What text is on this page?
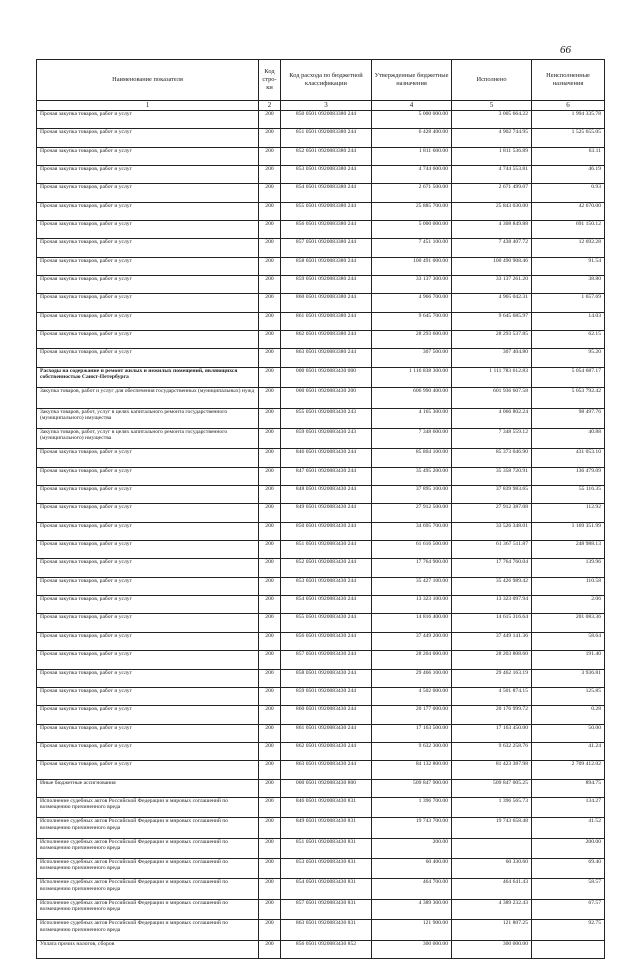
66
Наименование показателя	Код стро-ки	Код расхода по бюджетной классификации	Утвержденные бюджетные назначения	Исполнено	Неисполненные назначения
1	2	3	4	5	6
Прочая закупка товаров, работ и услуг	200	850 0501 0920083380 244	5 000 000.00	3 005 664.22	1 994 335.78
Прочая закупка товаров, работ и услуг	200	851 0501 0920083380 244	6 428 400.00	4 902 744.95	1 525 655.05
Прочая закупка товаров, работ и услуг	200	852 0501 0920083380 244	1 811 600.00	1 811 536.89	63.11
Прочая закупка товаров, работ и услуг	200	853 0501 0920083380 244	4 744 600.00	4 744 553.81	46.19
Прочая закупка товаров, работ и услуг	200	854 0501 0920083380 244	2 671 500.00	2 671 499.07	0.93
Прочая закупка товаров, работ и услуг	200	855 0501 0920083380 244	25 885 700.00	25 843 030.00	42 670.00
Прочая закупка товаров, работ и услуг	200	856 0501 0920083380 244	5 000 000.00	4 308 849.88	691 150.12
Прочая закупка товаров, работ и услуг	200	857 0501 0920083380 244	7 451 100.00	7 438 407.72	12 692.28
Прочая закупка товаров, работ и услуг	200	858 0501 0920083380 244	100 491 000.00	100 490 908.46	91.54
Прочая закупка товаров, работ и услуг	200	859 0501 0920083380 244	33 137 300.00	33 137 261.20	38.80
Прочая закупка товаров, работ и услуг	200	860 0501 0920083380 244	4 966 700.00	4 965 042.31	1 657.69
Прочая закупка товаров, работ и услуг	200	861 0501 0920083380 244	9 645 700.00	9 645 685.97	14.03
Прочая закупка товаров, работ и услуг	200	862 0501 0920083380 244	28 293 600.00	28 293 537.85	62.15
Прочая закупка товаров, работ и услуг	200	863 0501 0920083380 244	307 500.00	307 404.80	95.20
Расходы на содержание и ремонт жилых и нежилых помещений, являющихся собственностью Санкт-Петербурга	200	000 0501 0920083430 000	1 116 838 300.00	1 111 783 612.83	5 054 687.17
Закупка товаров, работ и услуг для обеспечения государственных (муниципальных) нужд	200	000 0501 0920083430 200	606 990 400.00	601 936 607.58	5 053 792.42
Закупка товаров, работ, услуг в целях капитального ремонта государственного (муниципального) имущества	200	855 0501 0920083430 243	4 165 300.00	4 066 802.24	98 497.76
Закупка товаров, работ, услуг в целях капитального ремонта государственного (муниципального) имущества	200	859 0501 0920083430 243	7 348 600.00	7 348 559.12	40.88
Прочая закупка товаров, работ и услуг	200	846 0501 0920083430 244	85 804 100.00	85 373 046.90	431 053.10
Прочая закупка товаров, работ и услуг	200	847 0501 0920083430 244	35 495 200.00	35 358 720.91	136 479.09
Прочая закупка товаров, работ и услуг	200	848 0501 0920083430 244	37 895 100.00	37 839 983.65	55 116.35
Прочая закупка товаров, работ и услуг	200	849 0501 0920083430 244	27 912 500.00	27 912 387.08	112.92
Прочая закупка товаров, работ и услуг	200	850 0501 0920083430 244	34 695 700.00	33 526 348.01	1 169 351.99
Прочая закупка товаров, работ и услуг	200	851 0501 0920083430 244	61 616 500.00	61 367 511.87	248 988.13
Прочая закупка товаров, работ и услуг	200	852 0501 0920083430 244	17 764 900.00	17 764 760.04	139.96
Прочая закупка товаров, работ и услуг	200	853 0501 0920083430 244	35 427 100.00	35 426 989.42	110.58
Прочая закупка товаров, работ и услуг	200	854 0501 0920083430 244	13 323 100.00	13 323 097.94	2.06
Прочая закупка товаров, работ и услуг	200	855 0501 0920083430 244	14 816 400.00	14 615 316.64	201 083.36
Прочая закупка товаров, работ и услуг	200	856 0501 0920083430 244	37 449 200.00	37 449 141.36	58.64
Прочая закупка товаров, работ и услуг	200	857 0501 0920083430 244	28 204 000.00	28 203 808.60	191.40
Прочая закупка товаров, работ и услуг	200	858 0501 0920083430 244	29 466 100.00	29 462 163.19	3 936.81
Прочая закупка товаров, работ и услуг	200	859 0501 0920083430 244	4 502 000.00	4 501 874.15	125.85
Прочая закупка товаров, работ и услуг	200	860 0501 0920083430 244	20 177 000.00	20 176 999.72	0.28
Прочая закупка товаров, работ и услуг	200	861 0501 0920083430 244	17 163 500.00	17 163 450.00	50.00
Прочая закупка товаров, работ и услуг	200	862 0501 0920083430 244	9 632 300.00	9 632 258.76	41.24
Прочая закупка товаров, работ и услуг	200	863 0501 0920083430 244	84 132 800.00	81 423 387.98	2 709 412.02
Иные бюджетные ассигнования	200	000 0501 0920083430 800	509 847 900.00	509 847 005.25	894.75
Исполнение судебных актов Российской Федерации и мировых соглашений по возмещению причиненного вреда	200	846 0501 0920083430 831	1 396 700.00	1 396 565.73	134.27
Исполнение судебных актов Российской Федерации и мировых соглашений по возмещению причиненного вреда	200	849 0501 0920083430 831	19 743 700.00	19 743 658.48	41.52
Исполнение судебных актов Российской Федерации и мировых соглашений по возмещению причиненного вреда	200	851 0501 0920083430 831	200.00		200.00
Исполнение судебных актов Российской Федерации и мировых соглашений по возмещению причиненного вреда	200	853 0501 0920083430 831	60 400.00	60 330.60	69.40
Исполнение судебных актов Российской Федерации и мировых соглашений по возмещению причиненного вреда	200	854 0501 0920083430 831	464 700.00	464 641.43	58.57
Исполнение судебных актов Российской Федерации и мировых соглашений по возмещению причиненного вреда	200	857 0501 0920083430 831	4 389 300.00	4 389 232.43	67.57
Исполнение судебных актов Российской Федерации и мировых соглашений по возмещению причиненного вреда	200	863 0501 0920083430 831	121 900.00	121 807.25	92.75
Уплата прочих налогов, сборов	200	856 0501 0920083430 852	300 000.00	300 000.00	
